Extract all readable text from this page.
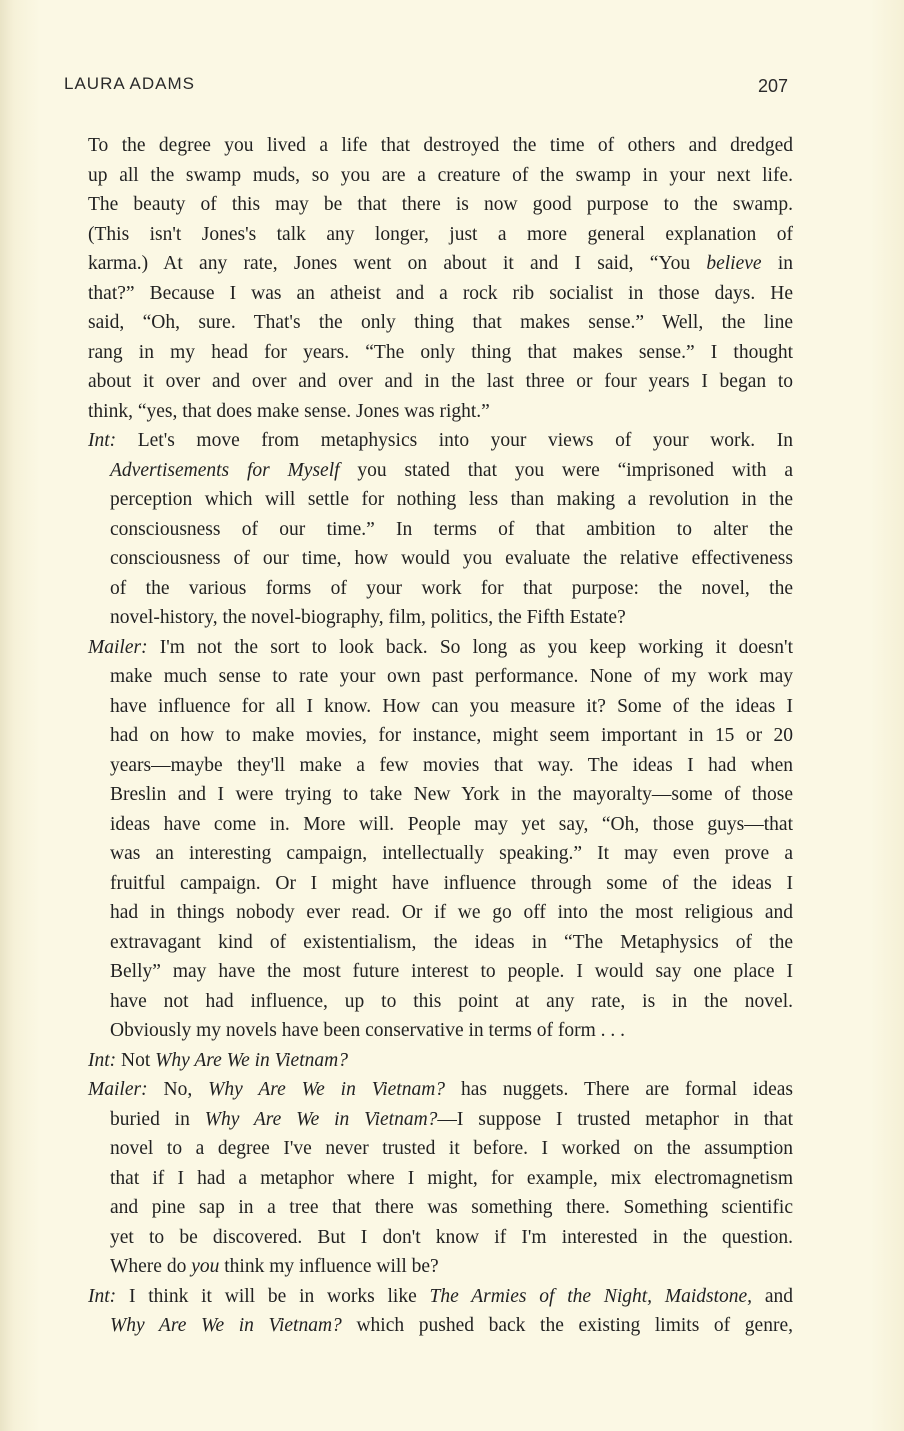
LAURA ADAMS	207
To the degree you lived a life that destroyed the time of others and dredged
up all the swamp muds, so you are a creature of the swamp in your next life.
The beauty of this may be that there is now good purpose to the swamp.
(This isn't Jones's talk any longer, just a more general explanation of
karma.) At any rate, Jones went on about it and I said, “You believe in
that?” Because I was an atheist and a rock rib socialist in those days. He
said, “Oh, sure. That's the only thing that makes sense.” Well, the line
rang in my head for years. “The only thing that makes sense.” I thought
about it over and over and over and in the last three or four years I began to
think, “yes, that does make sense. Jones was right.”
Int: Let's move from metaphysics into your views of your work. In
Advertisements for Myself you stated that you were “imprisoned with a
perception which will settle for nothing less than making a revolution in the
consciousness of our time.” In terms of that ambition to alter the
consciousness of our time, how would you evaluate the relative effectiveness
of the various forms of your work for that purpose: the novel, the
novel-history, the novel-biography, film, politics, the Fifth Estate?
Mailer: I'm not the sort to look back. So long as you keep working it doesn't
make much sense to rate your own past performance. None of my work may
have influence for all I know. How can you measure it? Some of the ideas I
had on how to make movies, for instance, might seem important in 15 or 20
years—maybe they'll make a few movies that way. The ideas I had when
Breslin and I were trying to take New York in the mayoralty—some of those
ideas have come in. More will. People may yet say, “Oh, those guys—that
was an interesting campaign, intellectually speaking.” It may even prove a
fruitful campaign. Or I might have influence through some of the ideas I
had in things nobody ever read. Or if we go off into the most religious and
extravagant kind of existentialism, the ideas in “The Metaphysics of the
Belly” may have the most future interest to people. I would say one place I
have not had influence, up to this point at any rate, is in the novel.
Obviously my novels have been conservative in terms of form . . .
Int: Not Why Are We in Vietnam?
Mailer: No, Why Are We in Vietnam? has nuggets. There are formal ideas
buried in Why Are We in Vietnam?—I suppose I trusted metaphor in that
novel to a degree I've never trusted it before. I worked on the assumption
that if I had a metaphor where I might, for example, mix electromagnetism
and pine sap in a tree that there was something there. Something scientific
yet to be discovered. But I don't know if I'm interested in the question.
Where do you think my influence will be?
Int: I think it will be in works like The Armies of the Night, Maidstone, and
Why Are We in Vietnam? which pushed back the existing limits of genre,
